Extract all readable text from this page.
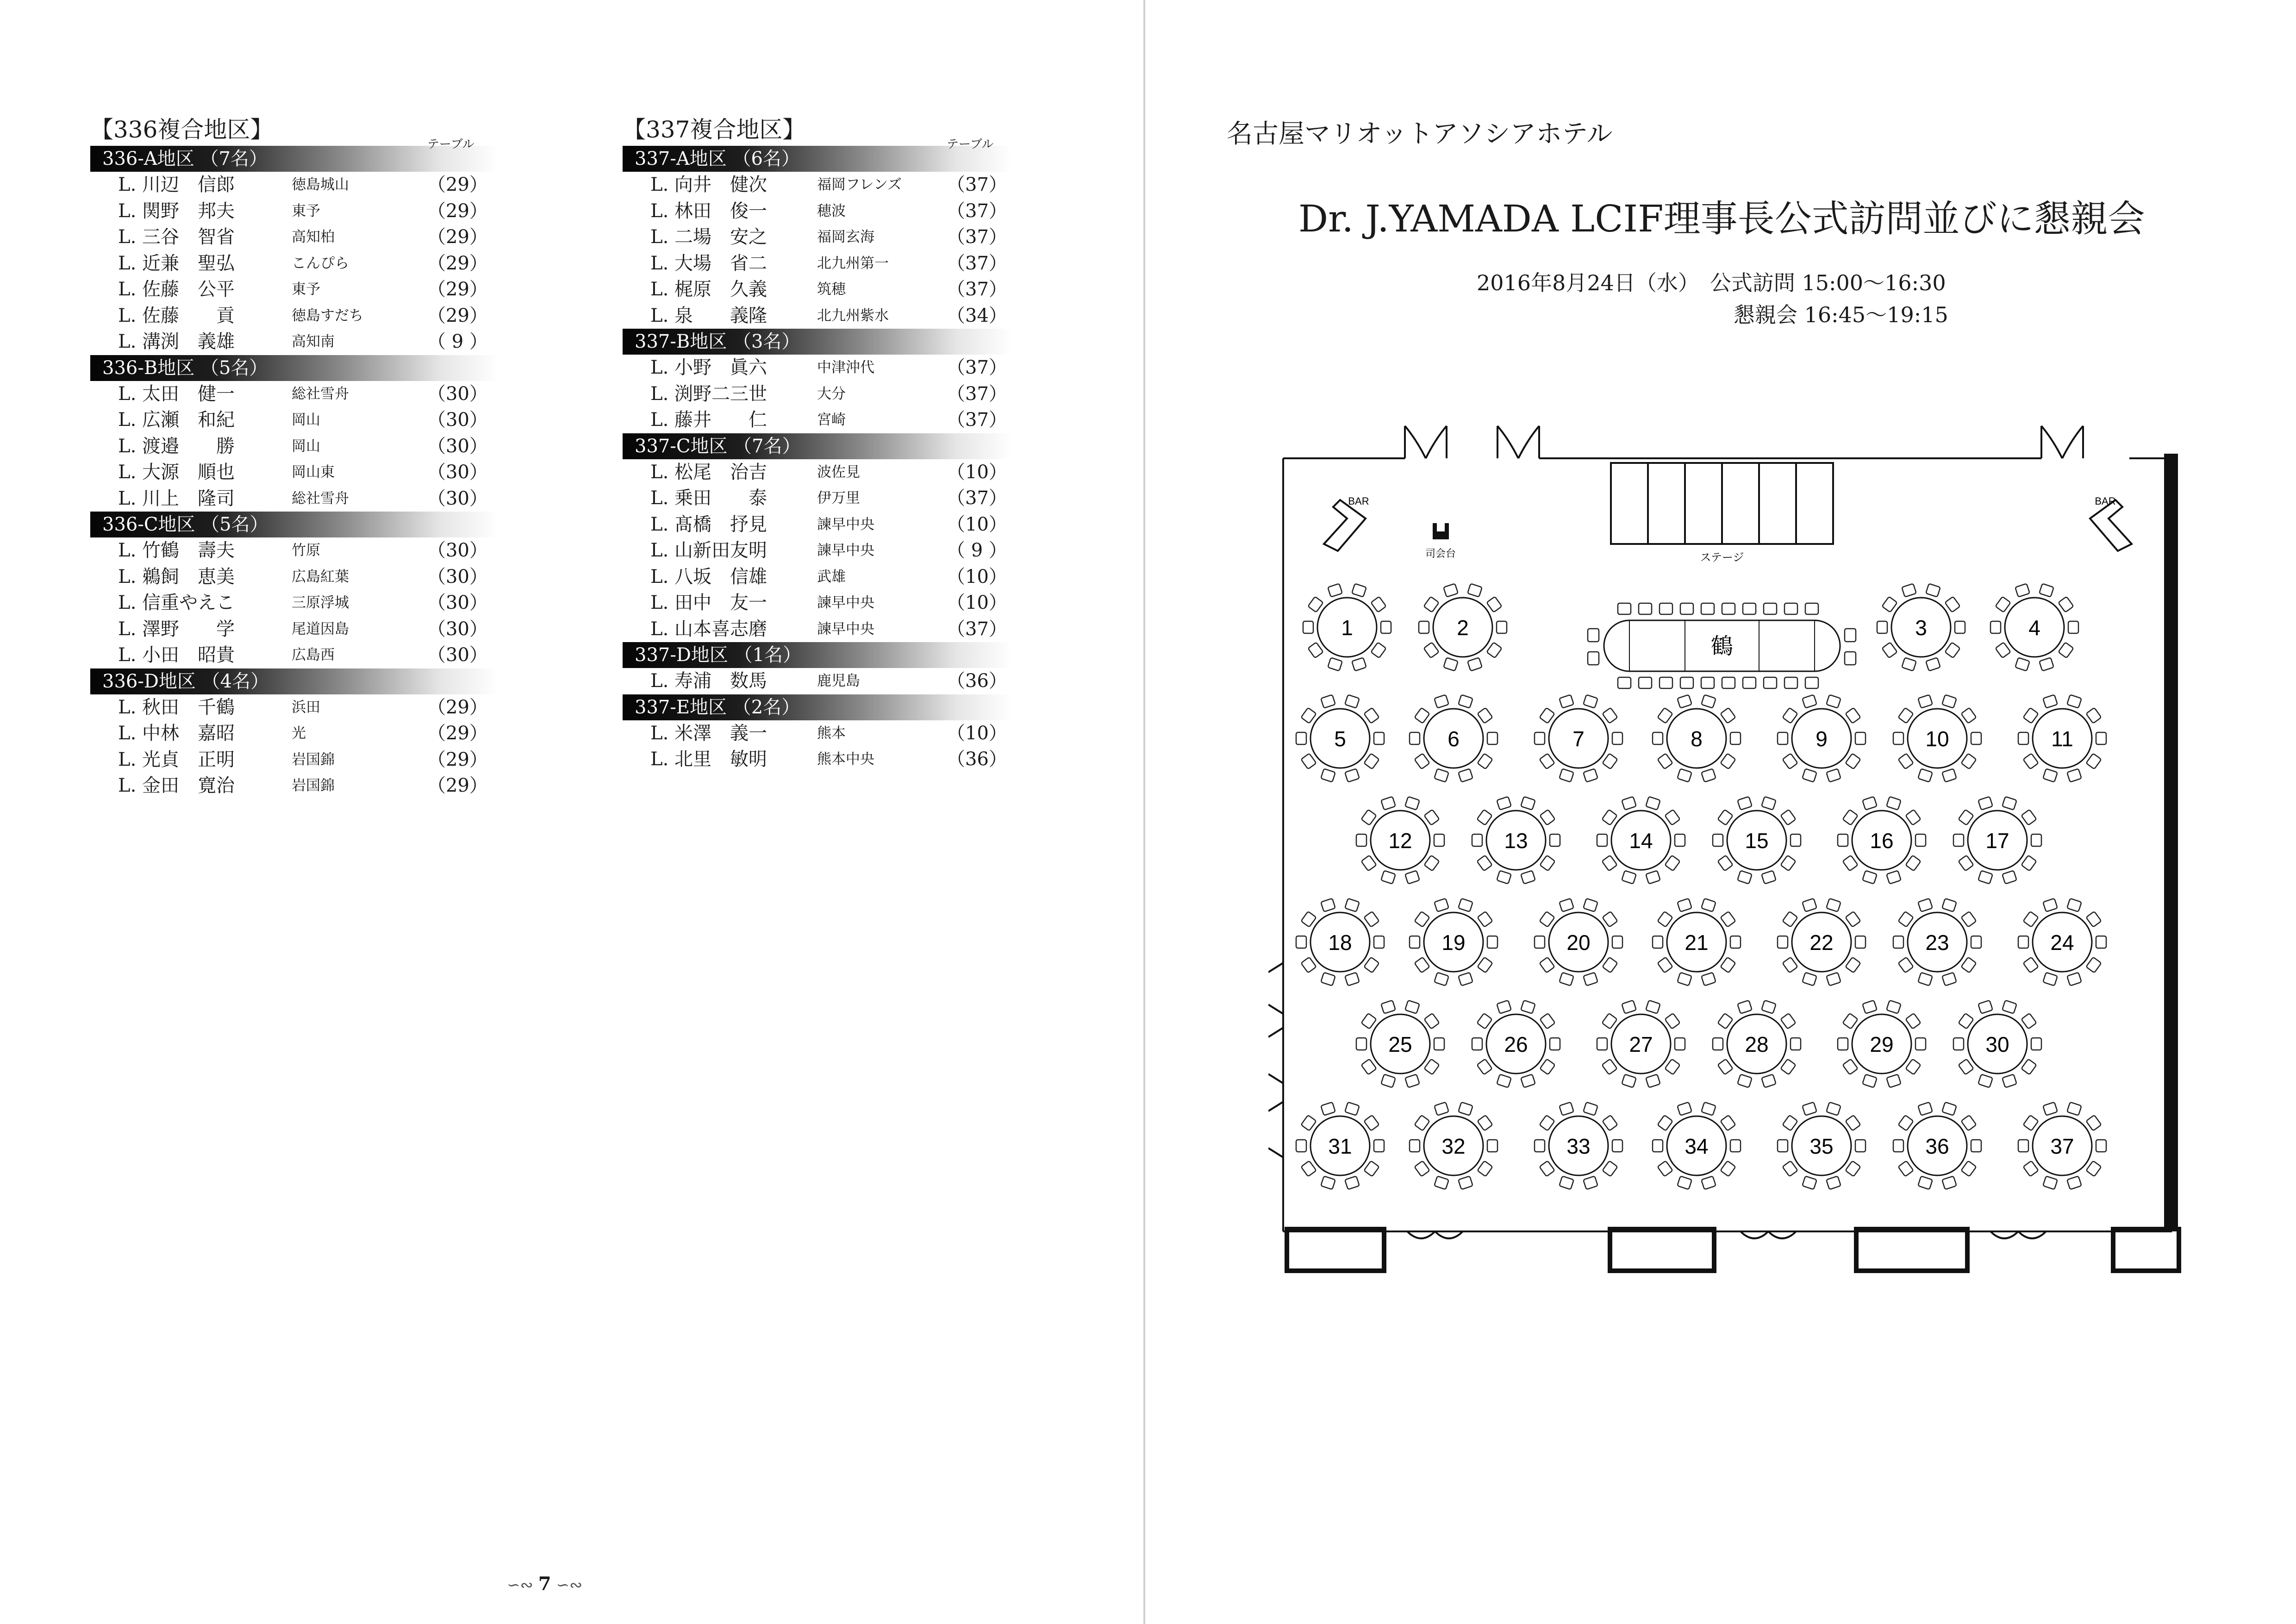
【336複合地区】
テーブル
336-A地区 （7名）
L. 川辺　信郎	徳島城山	（29）
L. 関野　邦夫	東予	（29）
L. 三谷　智省	高知柏	（29）
L. 近兼　聖弘	こんぴら	（29）
L. 佐藤　公平	東予	（29）
L. 佐藤　　貢	徳島すだち	（29）
L. 溝渕　義雄	高知南	（ 9 ）
336-B地区 （5名）
L. 太田　健一	総社雪舟	（30）
L. 広瀬　和紀	岡山	（30）
L. 渡邉　　勝	岡山	（30）
L. 大源　順也	岡山東	（30）
L. 川上　隆司	総社雪舟	（30）
336-C地区 （5名）
L. 竹鶴　壽夫	竹原	（30）
L. 鵜飼　恵美	広島紅葉	（30）
L. 信重やえこ	三原浮城	（30）
L. 澤野　　学	尾道因島	（30）
L. 小田　昭貴	広島西	（30）
336-D地区 （4名）
L. 秋田　千鶴	浜田	（29）
L. 中林　嘉昭	光	（29）
L. 光貞　正明	岩国錦	（29）
L. 金田　寛治	岩国錦	（29）
【337複合地区】
テーブル
337-A地区 （6名）
L. 向井　健次	福岡フレンズ （37）
L. 林田　俊一	穂波	（37）
L. 二場　安之	福岡玄海	（37）
L. 大場　省二	北九州第一	（37）
L. 梶原　久義	筑穂	（37）
L. 泉　　義隆	北九州紫水	（34）
337-B地区 （3名）
L. 小野　眞六	中津沖代	（37）
L. 渕野二三世	大分	（37）
L. 藤井　　仁	宮崎	（37）
337-C地区 （7名）
L. 松尾　治吉	波佐見	（10）
L. 乗田　　泰	伊万里	（37）
L. 髙橋　抒見	諫早中央	（10）
L. 山新田友明	諫早中央	（ 9 ）
L. 八坂　信雄	武雄	（10）
L. 田中　友一	諫早中央	（10）
L. 山本喜志磨	諫早中央	（37）
337-D地区 （1名）
L. 寿浦　数馬	鹿児島	（36）
337-E地区 （2名）
L. 米澤　義一	熊本	（10）
L. 北里　敏明	熊本中央	（36）
∽∾ 7 ∽∾
名古屋マリオットアソシアホテル
Dr. J.YAMADA LCIF理事長公式訪問並びに懇親会
2016年8月24日（水）　公式訪問 15:00〜16:30
懇親会 16:45〜19:15
司会台	ステージ
BAR	BAR
鶴
1	2	3	4
5	6	7	8	9	10	11
12	13	14	15	16	17
18	19	20	21	22	23	24
25	26	27	28	29	30
31	32	33	34	35	36	37
